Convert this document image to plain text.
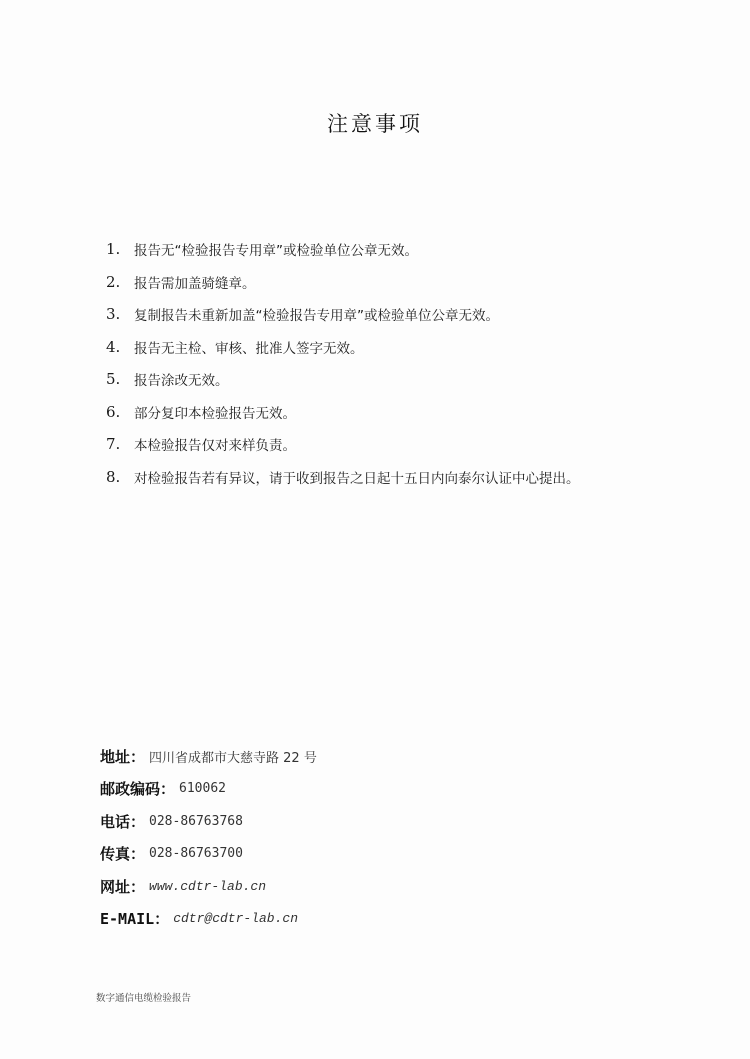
注意事项
1.	报告无“检验报告专用章”或检验单位公章无效。
2.	报告需加盖骑缝章。
3.	复制报告未重新加盖“检验报告专用章”或检验单位公章无效。
4.	报告无主检、审核、批准人签字无效。
5.	报告涂改无效。
6.	部分复印本检验报告无效。
7.	本检验报告仅对来样负责。
8.	对检验报告若有异议，请于收到报告之日起十五日内向泰尔认证中心提出。
地址： 四川省成都市大慈寺路 22 号
邮政编码： 610062
电话： 028-86763768
传真： 028-86763700
网址： www.cdtr-lab.cn
E-MAIL： cdtr@cdtr-lab.cn
数字通信电缆检验报告
